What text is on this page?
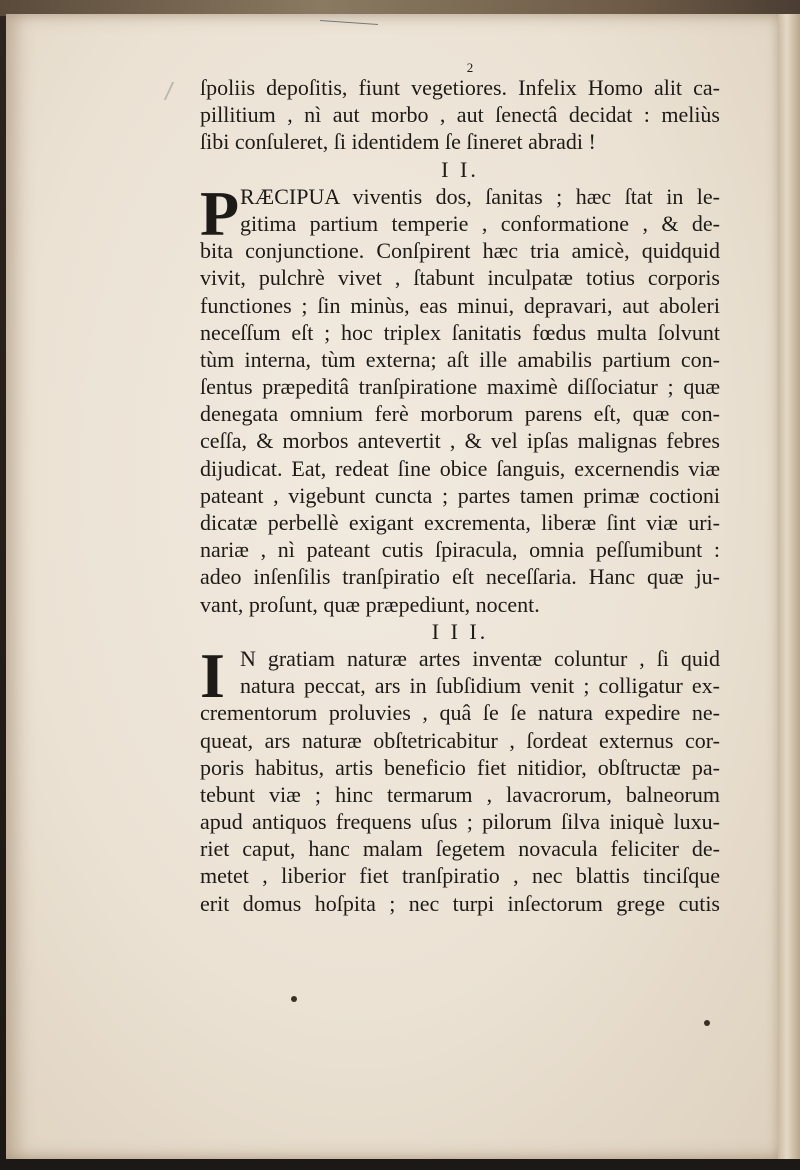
2
ſpoliis depoſitis, fiunt vegetiores. Infelix Homo alit ca-
pillitium , nì aut morbo , aut ſenectâ decidat : meliùs
ſibi conſuleret, ſi identidem ſe ſineret abradi !
I I.
P RÆCIPUA viventis dos, ſanitas ; hæc ſtat in le-
gitima partium temperie , conformatione , & de-
bita conjunctione. Conſpirent hæc tria amicè, quidquid
vivit, pulchrè vivet , ſtabunt inculpatæ totius corporis
functiones ; ſin minùs, eas minui, depravari, aut aboleri
neceſſum eſt ; hoc triplex ſanitatis fœdus multa ſolvunt
tùm interna, tùm externa; aſt ille amabilis partium con-
ſentus præpeditâ tranſpiratione maximè diſſociatur ; quæ
denegata omnium ferè morborum parens eſt, quæ con-
ceſſa, & morbos antevertit , & vel ipſas malignas febres
dijudicat. Eat, redeat ſine obice ſanguis, excernendis viæ
pateant , vigebunt cuncta ; partes tamen primæ coctioni
dicatæ perbellè exigant excrementa, liberæ ſint viæ uri-
nariæ , nì pateant cutis ſpiracula, omnia peſſumibunt :
adeo inſenſilis tranſpiratio eſt neceſſaria. Hanc quæ ju-
vant, proſunt, quæ præpediunt, nocent.
I I I.
I N gratiam naturæ artes inventæ coluntur , ſi quid
natura peccat, ars in ſubſidium venit ; colligatur ex-
crementorum proluvies , quâ ſe ſe natura expedire ne-
queat, ars naturæ obſtetricabitur , ſordeat externus cor-
poris habitus, artis beneficio fiet nitidior, obſtructæ pa-
tebunt viæ ; hinc termarum , lavacrorum, balneorum
apud antiquos frequens uſus ; pilorum ſilva iniquè luxu-
riet caput, hanc malam ſegetem novacula feliciter de-
metet , liberior fiet tranſpiratio , nec blattis tinciſque
erit domus hoſpita ; nec turpi inſectorum grege cutis
